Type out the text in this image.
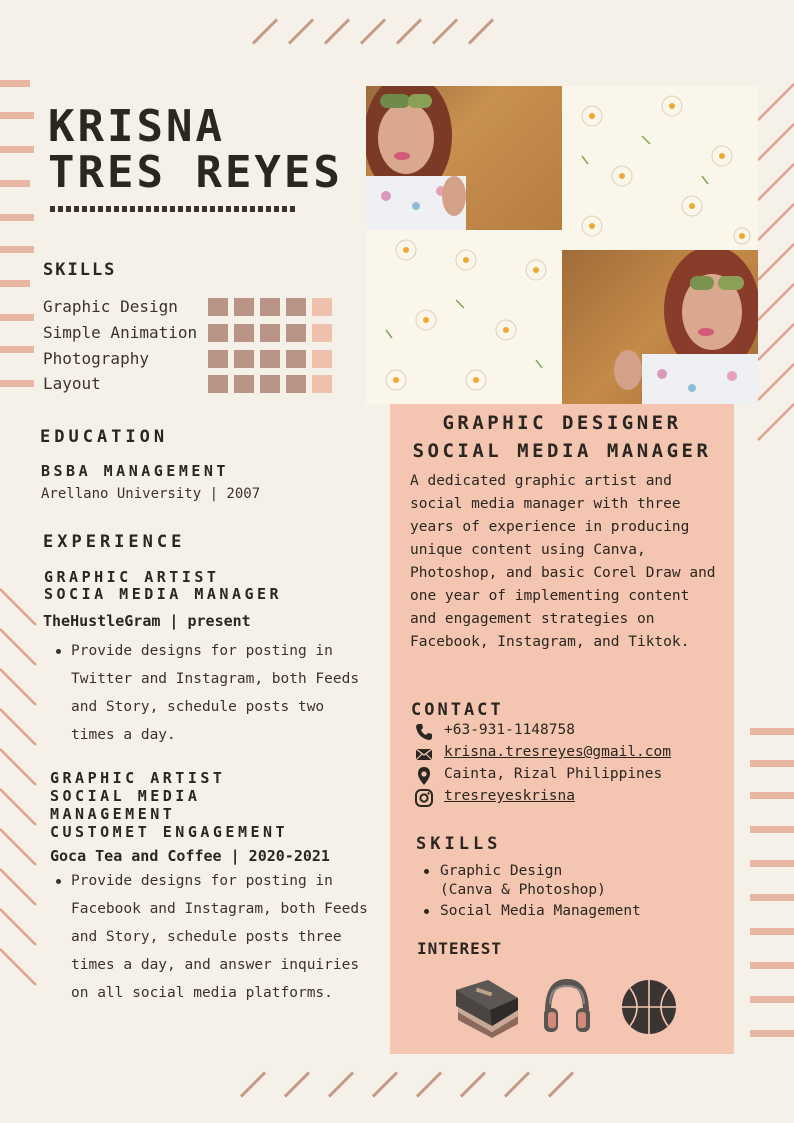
KRISNA
TRES REYES
SKILLS
Graphic Design
Simple Animation
Photography
Layout
EDUCATION
BSBA MANAGEMENT
Arellano University | 2007
EXPERIENCE
GRAPHIC ARTIST
SOCIA MEDIA MANAGER
TheHustleGram | present
Provide designs for posting in Twitter and Instagram, both Feeds and Story, schedule posts two times a day.
GRAPHIC ARTIST
SOCIAL MEDIA
MANAGEMENT
CUSTOMET ENGAGEMENT
Goca Tea and Coffee | 2020-2021
Provide designs for posting in Facebook and Instagram, both Feeds and Story, schedule posts three times a day, and answer inquiries on all social media platforms.
GRAPHIC DESIGNER
SOCIAL MEDIA MANAGER
A dedicated graphic artist and social media manager with three years of experience in producing unique content using Canva, Photoshop, and basic Corel Draw and one year of implementing content and engagement strategies on Facebook, Instagram, and Tiktok.
CONTACT
+63-931-1148758
krisna.tresreyes@gmail.com
Cainta, Rizal Philippines
tresreyeskrisna
SKILLS
Graphic Design
(Canva & Photoshop)
Social Media Management
INTEREST
